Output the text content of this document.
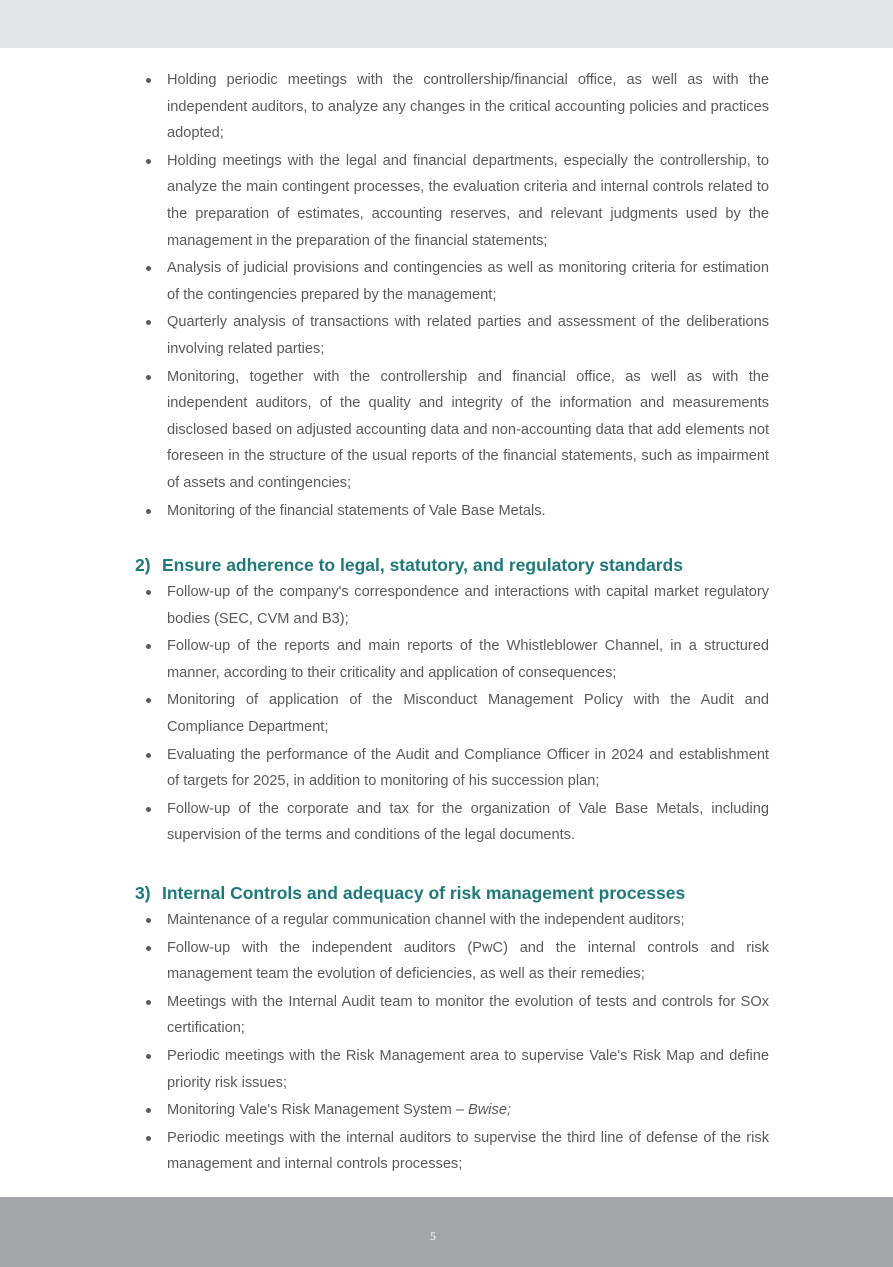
Holding periodic meetings with the controllership/financial office, as well as with the independent auditors, to analyze any changes in the critical accounting policies and practices adopted;
Holding meetings with the legal and financial departments, especially the controllership, to analyze the main contingent processes, the evaluation criteria and internal controls related to the preparation of estimates, accounting reserves, and relevant judgments used by the management in the preparation of the financial statements;
Analysis of judicial provisions and contingencies as well as monitoring criteria for estimation of the contingencies prepared by the management;
Quarterly analysis of transactions with related parties and assessment of the deliberations involving related parties;
Monitoring, together with the controllership and financial office, as well as with the independent auditors, of the quality and integrity of the information and measurements disclosed based on adjusted accounting data and non-accounting data that add elements not foreseen in the structure of the usual reports of the financial statements, such as impairment of assets and contingencies;
Monitoring of the financial statements of Vale Base Metals.
2) Ensure adherence to legal, statutory, and regulatory standards
Follow-up of the company's correspondence and interactions with capital market regulatory bodies (SEC, CVM and B3);
Follow-up of the reports and main reports of the Whistleblower Channel, in a structured manner, according to their criticality and application of consequences;
Monitoring of application of the Misconduct Management Policy with the Audit and Compliance Department;
Evaluating the performance of the Audit and Compliance Officer in 2024 and establishment of targets for 2025, in addition to monitoring of his succession plan;
Follow-up of the corporate and tax for the organization of Vale Base Metals, including supervision of the terms and conditions of the legal documents.
3) Internal Controls and adequacy of risk management processes
Maintenance of a regular communication channel with the independent auditors;
Follow-up with the independent auditors (PwC) and the internal controls and risk management team the evolution of deficiencies, as well as their remedies;
Meetings with the Internal Audit team to monitor the evolution of tests and controls for SOx certification;
Periodic meetings with the Risk Management area to supervise Vale's Risk Map and define priority risk issues;
Monitoring Vale's Risk Management System – Bwise;
Periodic meetings with the internal auditors to supervise the third line of defense of the risk management and internal controls processes;
5
